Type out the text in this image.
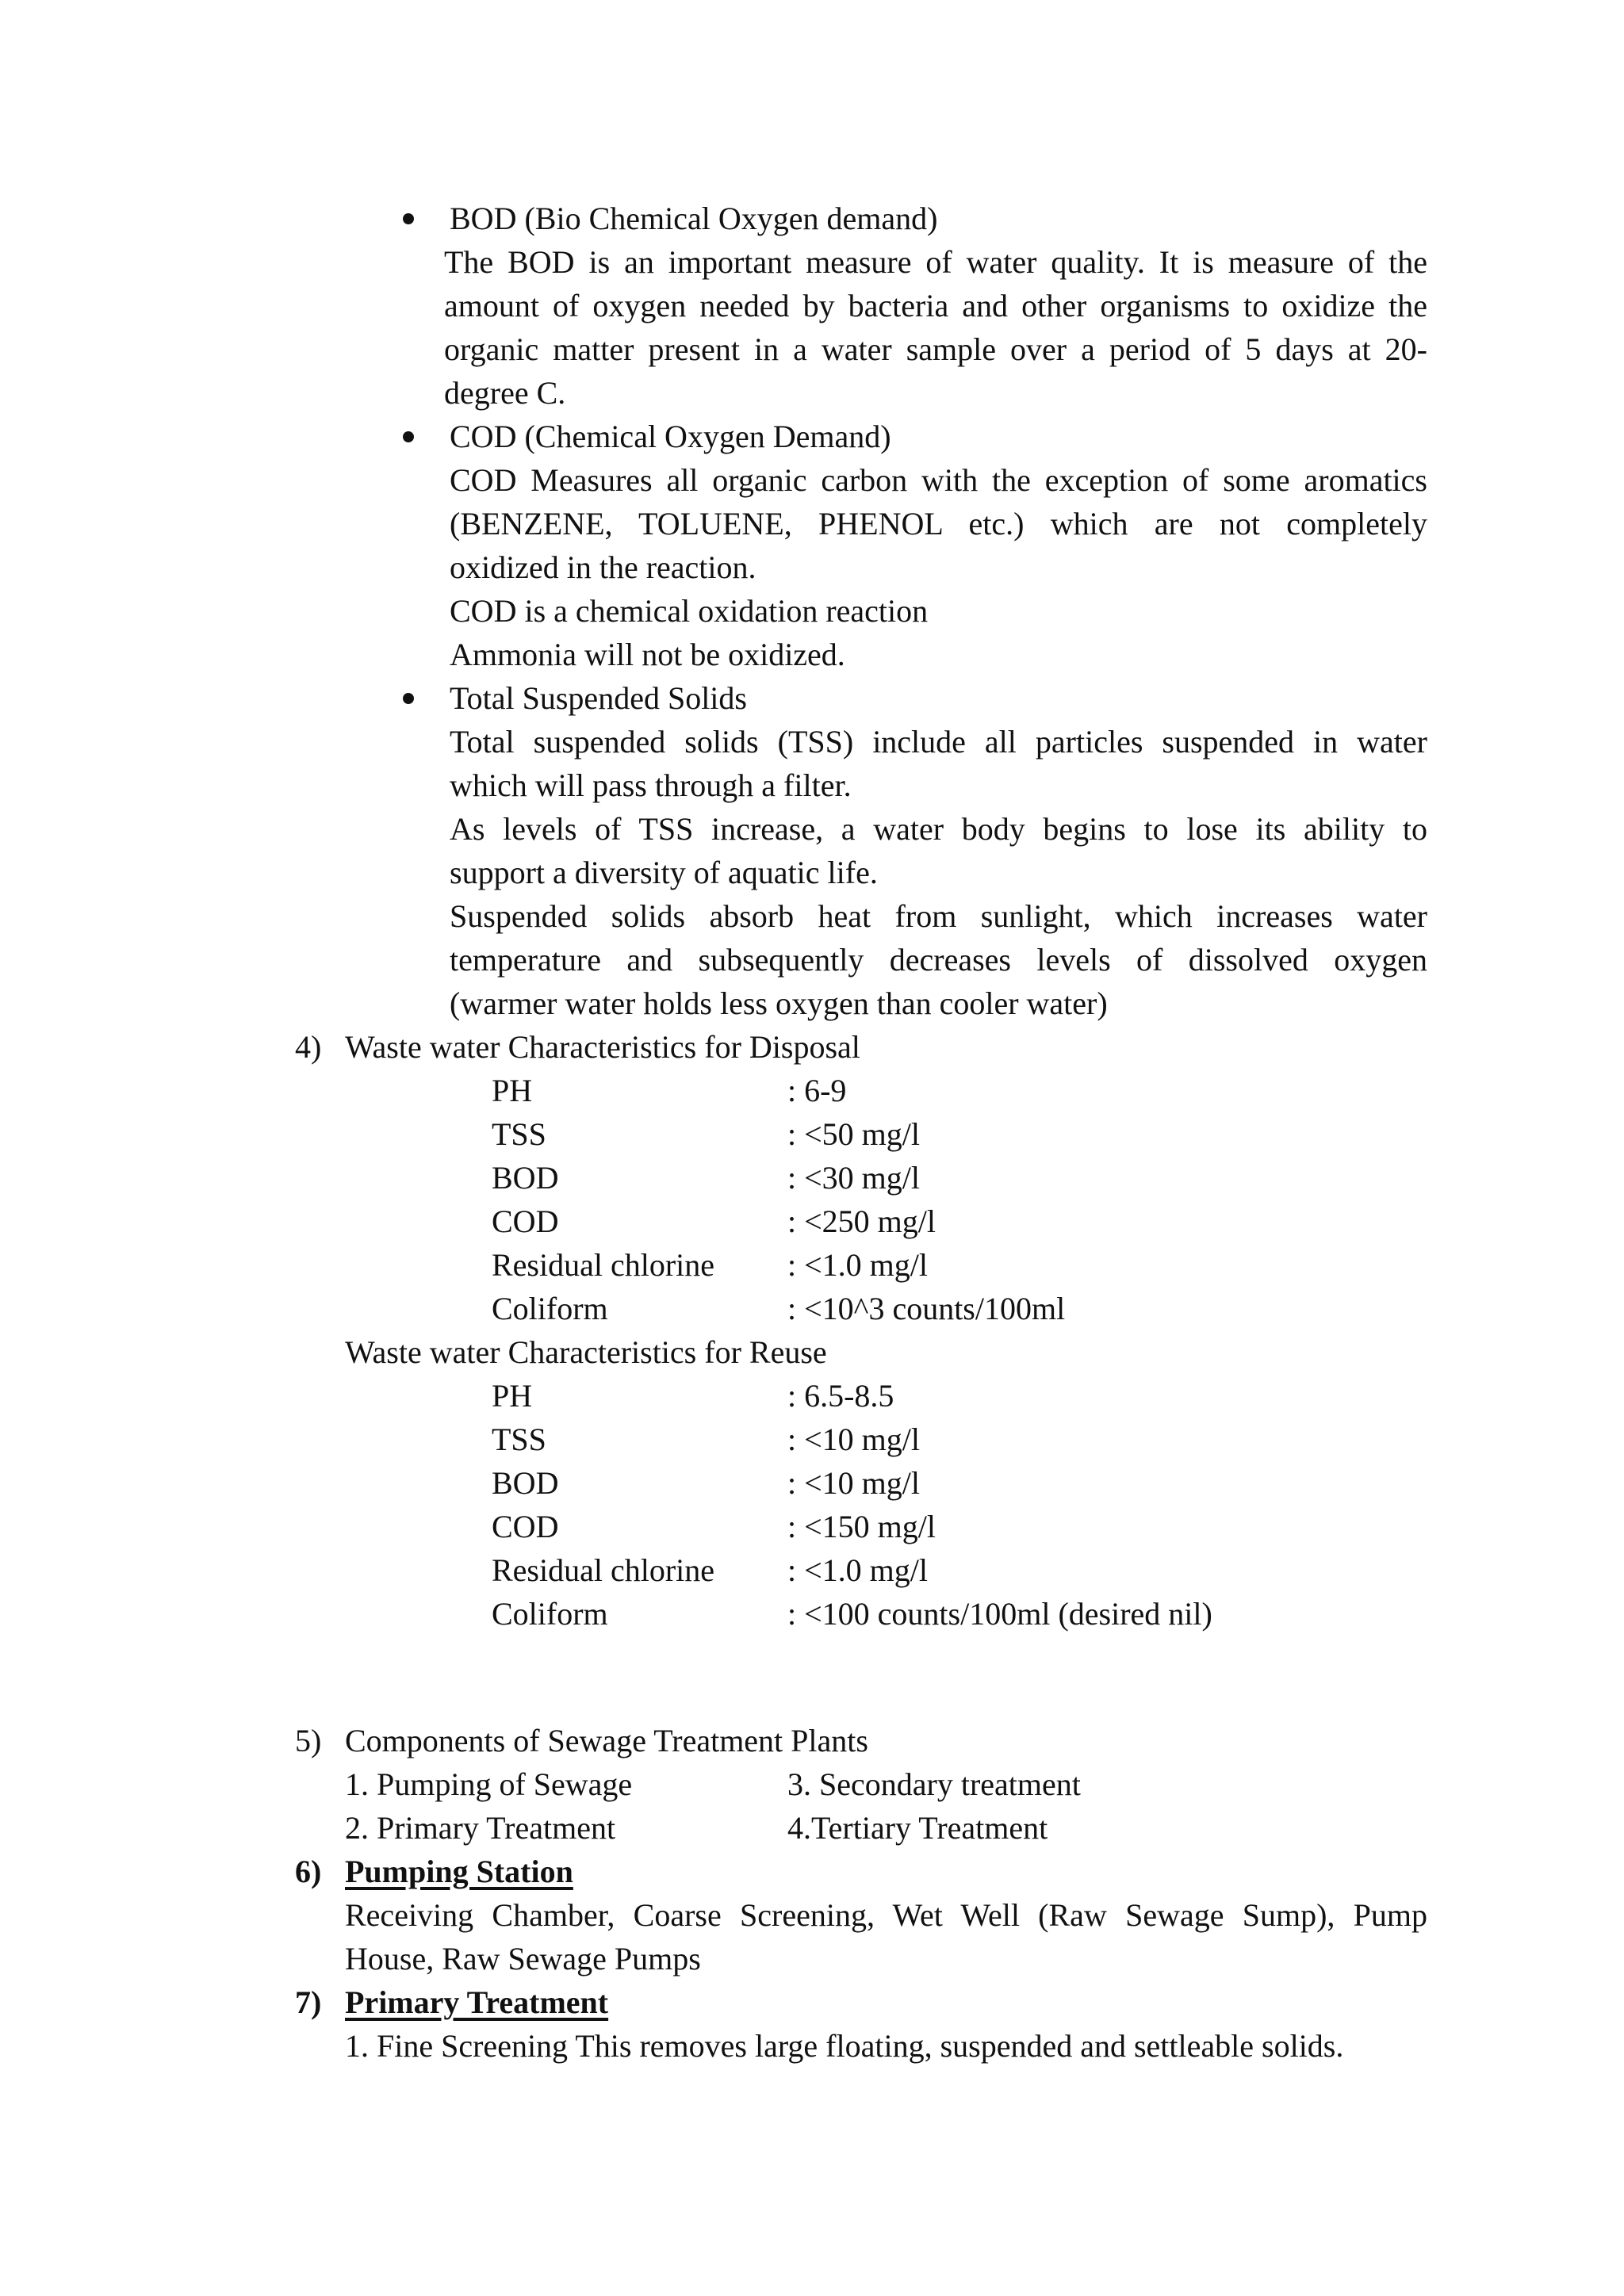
BOD (Bio Chemical Oxygen demand)
The BOD is an important measure of water quality. It is measure of the
amount of oxygen needed by bacteria and other organisms to oxidize the
organic matter present in a water sample over a period of 5 days at 20-
degree C.
COD (Chemical Oxygen Demand)
COD Measures all organic carbon with the exception of some aromatics
(BENZENE, TOLUENE, PHENOL etc.) which are not completely
oxidized in the reaction.
COD is a chemical oxidation reaction
Ammonia will not be oxidized.
Total Suspended Solids
Total suspended solids (TSS) include all particles suspended in water
which will pass through a filter.
As levels of TSS increase, a water body begins to lose its ability to
support a diversity of aquatic life.
Suspended solids absorb heat from sunlight, which increases water
temperature and subsequently decreases levels of dissolved oxygen
(warmer water holds less oxygen than cooler water)
4) Waste water Characteristics for Disposal
PH	: 6-9
TSS	: <50 mg/l
BOD	: <30 mg/l
COD	: <250 mg/l
Residual chlorine : <1.0 mg/l
Coliform	: <10^3 counts/100ml
Waste water Characteristics for Reuse
PH	: 6.5-8.5
TSS	: <10 mg/l
BOD	: <10 mg/l
COD	: <150 mg/l
Residual chlorine : <1.0 mg/l
Coliform	: <100 counts/100ml (desired nil)
5) Components of Sewage Treatment Plants
1. Pumping of Sewage	3. Secondary treatment
2. Primary Treatment	4.Tertiary Treatment
6) Pumping Station
Receiving Chamber, Coarse Screening, Wet Well (Raw Sewage Sump), Pump
House, Raw Sewage Pumps
7) Primary Treatment
1. Fine Screening This removes large floating, suspended and settleable solids.
